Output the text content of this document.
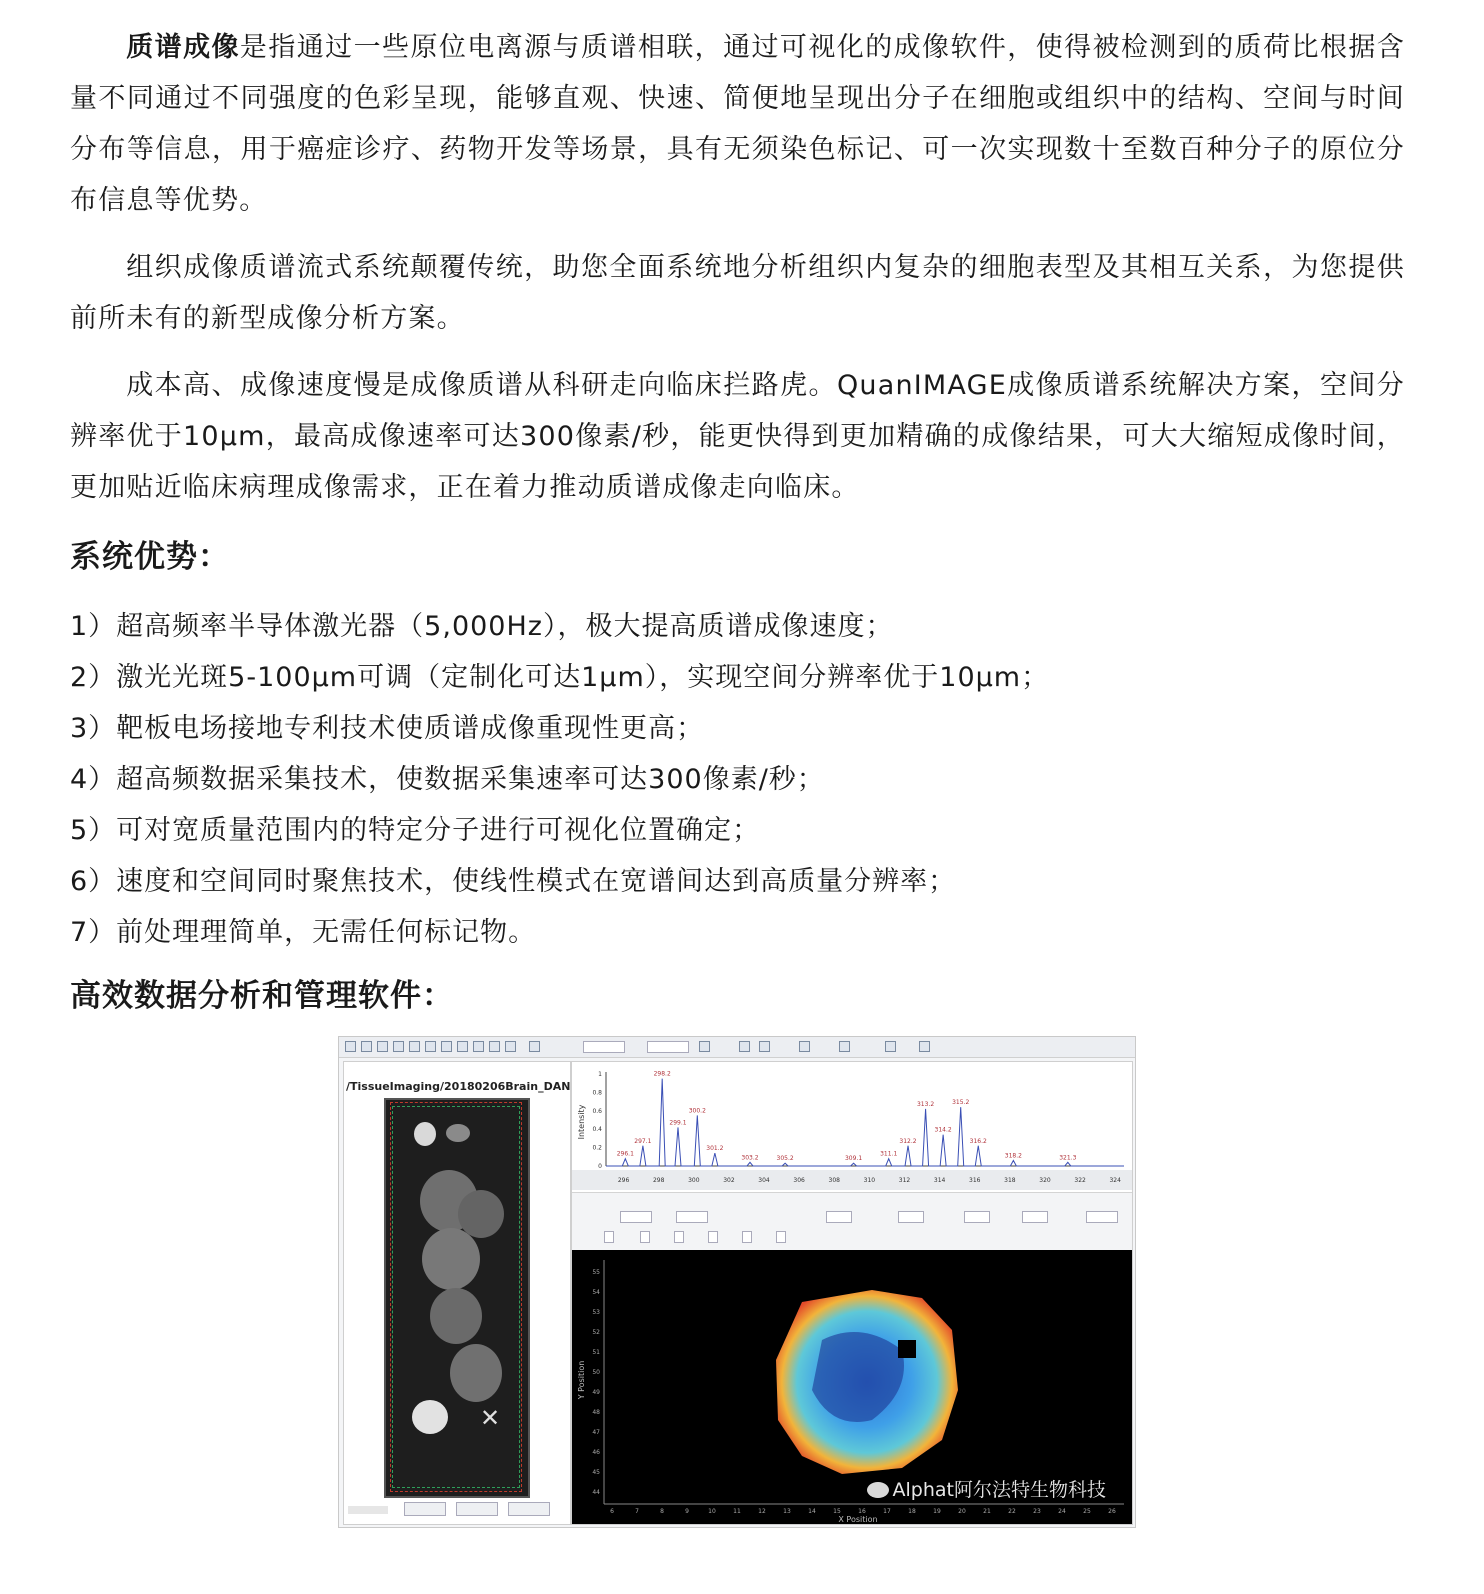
质谱成像是指通过一些原位电离源与质谱相联，通过可视化的成像软件，使得被检测到的质荷比根据含量不同通过不同强度的色彩呈现，能够直观、快速、简便地呈现出分子在细胞或组织中的结构、空间与时间分布等信息，用于癌症诊疗、药物开发等场景，具有无须染色标记、可一次实现数十至数百种分子的原位分布信息等优势。

组织成像质谱流式系统颠覆传统，助您全面系统地分析组织内复杂的细胞表型及其相互关系，为您提供前所未有的新型成像分析方案。

成本高、成像速度慢是成像质谱从科研走向临床拦路虎。QuanIMAGE成像质谱系统解决方案，空间分辨率优于10μm，最高成像速率可达300像素/秒，能更快得到更加精确的成像结果，可大大缩短成像时间，更加贴近临床病理成像需求，正在着力推动质谱成像走向临床。

系统优势：
1）超高频率半导体激光器（5,000Hz），极大提高质谱成像速度；
2）激光光斑5-100μm可调（定制化可达1μm），实现空间分辨率优于10μm；
3）靶板电场接地专利技术使质谱成像重现性更高；
4）超高频数据采集技术，使数据采集速率可达300像素/秒；
5）可对宽质量范围内的特定分子进行可视化位置确定；
6）速度和空间同时聚焦技术，使线性模式在宽谱间达到高质量分辨率；
7）前处理理简单，无需任何标记物。
高效数据分析和管理软件：
/TissueImaging/20180206Brain_DAN
✕
Intensity
296.1
297.1
298.2
299.1
300.2
301.2
303.2	305.2	309.1
311.1
312.2
313.2
314.2
315.2
316.2
318.2	321.3
296	298	300	302	304	306	308	310	312	314	316	318	320	322	324
0
0.2
0.4
0.6
0.8
1
Y Position
X Position
44
45
46
47
48
49
50
51
52
53
54
55
6	7	8	9	10	11	12	13	14	15	16	17	18	19	20	21	22	23	24	25	26
Alphat阿尔法特生物科技
